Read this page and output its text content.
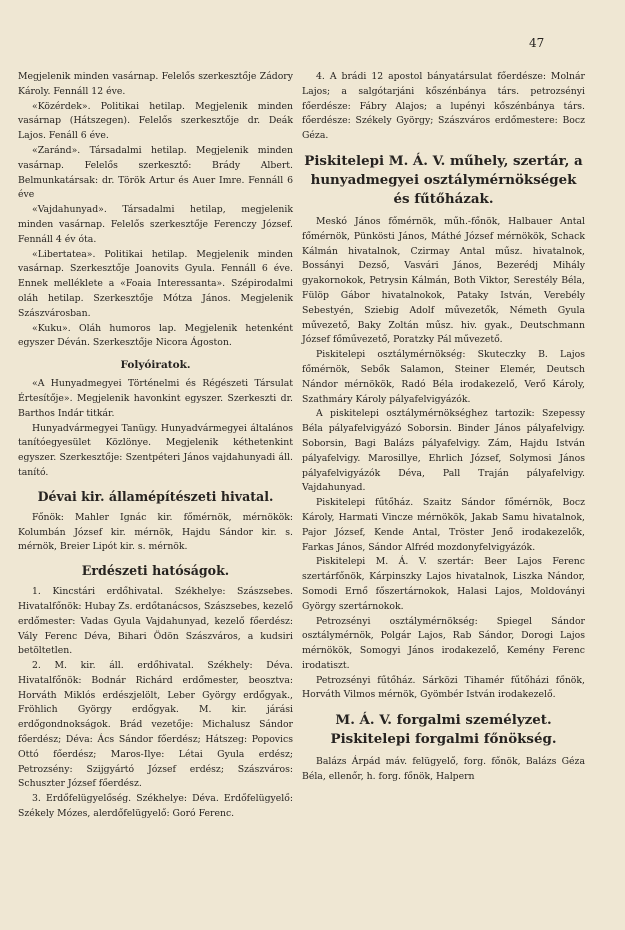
47

Megjelenik minden vasárnap. Felelős szerkesztője Zádory Károly. Fennáll 12 éve.

«Közérdek». Politikai hetilap. Megjelenik minden vasárnap (Hátszegen). Felelős szerkesztője dr. Deák Lajos. Fenáll 6 éve.

«Zaránd». Társadalmi hetilap. Megjelenik minden vasárnap. Felelős szerkesztő: Brády Albert. Belmunkatársak: dr. Török Artur és Auer Imre. Fennáll 6 éve

«Vajdahunyad». Társadalmi hetilap, megjelenik minden vasárnap. Felelős szerkesztője Ferenczy József. Fennáll 4 év óta.

«Libertatea». Politikai hetilap. Megjelenik minden vasárnap. Szerkesztője Joanovits Gyula. Fennáll 6 éve. Ennek melléklete a «Foaia Interessanta». Szépirodalmi oláh hetilap. Szerkesztője Mótza János. Megjelenik Szászvárosban.

«Kuku». Oláh humoros lap. Megjelenik hetenként egyszer Déván. Szerkesztője Nicora Ágoston.

Folyóiratok.

«A Hunyadmegyei Történelmi és Régészeti Társulat Értesítője». Megjelenik havonkint egyszer. Szerkeszti dr. Barthos Indár titkár.

Hunyadvármegyei Tanügy. Hunyadvármegyei általános tanítóegyesület Közlönye. Megjelenik kéthetenkint egyszer. Szerkesztője: Szentpéteri János vajdahunyadi áll. tanító.

Dévai kir. államépítészeti hivatal.

Főnök: Mahler Ignác kir. főmérnök, mérnökök: Kolumbán József kir. mérnök, Hajdu Sándor kir. s. mérnök, Breier Lipót kir. s. mérnök.

Erdészeti hatóságok.

1. Kincstári erdőhivatal. Székhelye: Szászsebes. Hivatalfőnök: Hubay Zs. erdőtanácsos, Szászsebes, kezelő erdőmester: Vadas Gyula Vajdahunyad, kezelő főerdész: Vály Ferenc Déva, Bihari Ödön Szászváros, a kudsiri betöltetlen.

2. M. kir. áll. erdőhivatal. Székhely: Déva. Hivatalfőnök: Bodnár Richárd erdőmester, beosztva: Horváth Miklós erdészjelölt, Leber György erdőgyak., Fröhlich György erdőgyak. M. kir. járási erdőgondnokságok. Brád vezetője: Michalusz Sándor főerdész; Déva: Ács Sándor főerdész; Hátszeg: Popovics Ottó főerdész; Maros-Ilye: Létai Gyula erdész; Petrozsény: Szijgyártó József erdész; Szászváros: Schuszter József főerdész.

3. Erdőfelügyelőség. Székhelye: Déva. Erdőfelügyelő: Székely Mózes, alerdőfelügyelő: Goró Ferenc.

4. A brádi 12 apostol bányatársulat főerdésze: Molnár Lajos; a salgótarjáni kőszénbánya társ. petrozsényi főerdésze: Fábry Alajos; a lupényi kőszénbánya társ. főerdésze: Székely György; Szászváros erdőmestere: Bocz Géza.

Piskitelepi M. Á. V. műhely, szertár, a hunyadmegyei osztálymérnökségek és fűtőházak.

Meskó János főmérnök, műh.-főnök, Halbauer Antal főmérnök, Pünkösti János, Máthé József mérnökök, Schack Kálmán hivatalnok, Czirmay Antal műsz. hivatalnok, Bossányi Dezső, Vasvári János, Bezerédj Mihály gyakornokok, Petrysin Kálmán, Both Viktor, Serestély Béla, Fülöp Gábor hivatalnokok, Pataky István, Verebély Sebestyén, Sziebig Adolf művezetők, Németh Gyula művezető, Baky Zoltán műsz. hiv. gyak., Deutschmann József főművezető, Poratzky Pál művezető.

Piskitelepi osztálymérnökség: Skuteczky B. Lajos főmérnök, Sebők Salamon, Steiner Elemér, Deutsch Nándor mérnökök, Radó Béla irodakezelő, Verő Károly, Szathmáry Károly pályafelvigyázók.

A piskitelepi osztálymérnökséghez tartozik: Szepessy Béla pályafelvigyázó Soborsin. Binder János pályafelvigy. Soborsin, Bagi Balázs pályafelvigy. Zám, Hajdu István pályafelvigy. Marosillye, Ehrlich József, Solymosi János pályafelvigyázók Déva, Pall Traján pályafelvigy. Vajdahunyad.

Piskitelepi fűtőház. Szaitz Sándor főmérnök, Bocz Károly, Harmati Vincze mérnökök, Jakab Samu hivatalnok, Pajor József, Kende Antal, Tröster Jenő irodakezelők, Farkas János, Sándor Alfréd mozdonyfelvigyázók.

Piskitelepi M. Á. V. szertár: Beer Lajos Ferenc szertárfőnök, Kárpinszky Lajos hivatalnok, Liszka Nándor, Somodi Ernő főszertárnokok, Halasi Lajos, Moldoványi György szertárnokok.

Petrozsényi osztálymérnökség: Spiegel Sándor osztálymérnök, Polgár Lajos, Rab Sándor, Dorogi Lajos mérnökök, Somogyi János irodakezelő, Kemény Ferenc irodatiszt.

Petrozsényi fűtőház. Sárközi Tihamér fűtőházi főnök, Horváth Vilmos mérnök, Gyömbér István irodakezelő.

M. Á. V. forgalmi személyzet. Piskitelepi forgalmi főnökség.

Balázs Árpád máv. felügyelő, forg. főnök, Balázs Géza Béla, ellenőr, h. forg. főnök, Halpern
